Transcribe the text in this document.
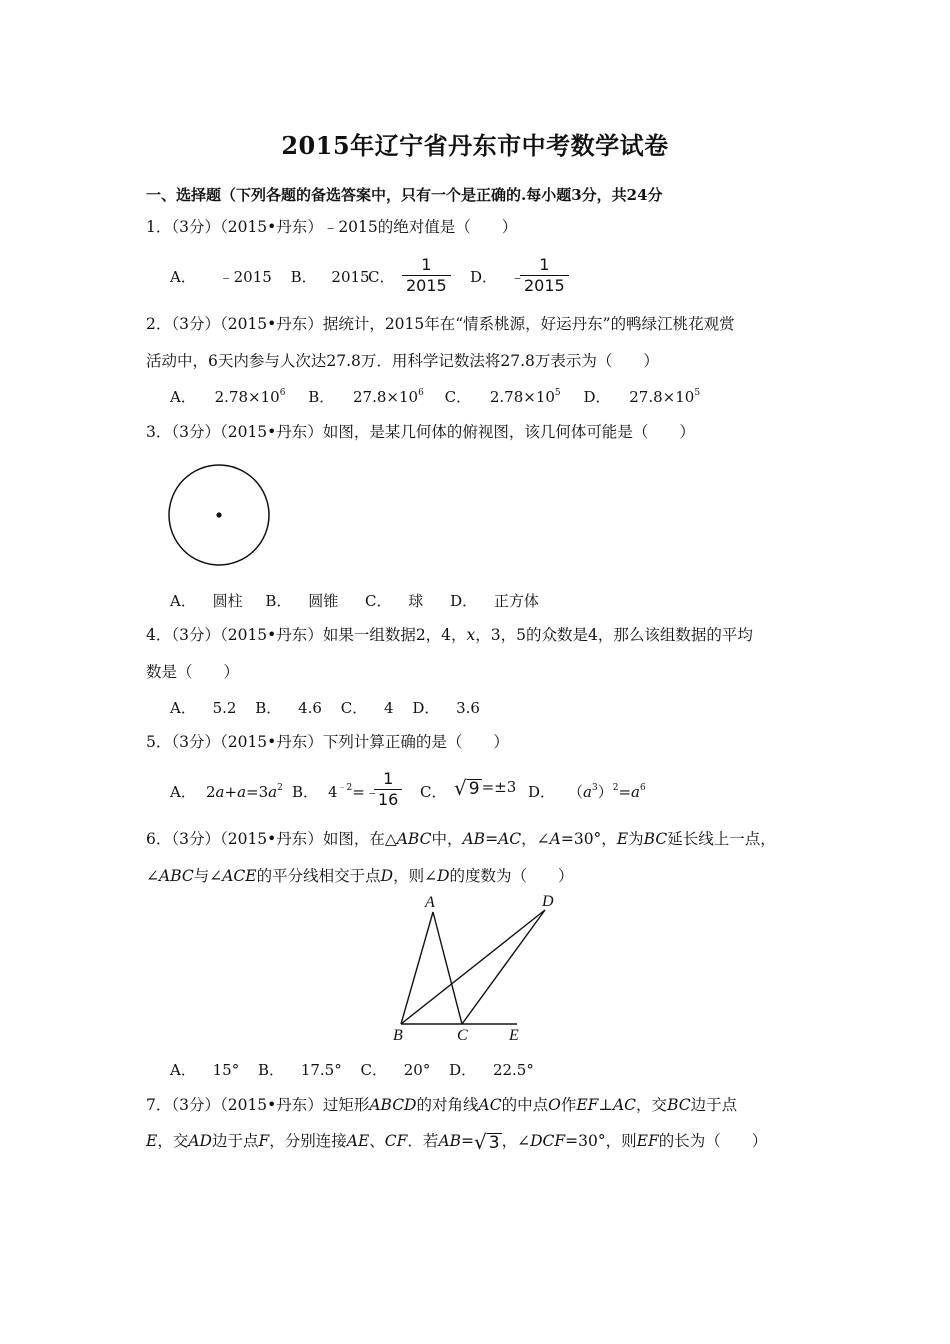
2015年辽宁省丹东市中考数学试卷
一、选择题（下列各题的备选答案中，只有一个是正确的.每小题3分，共24分
1．（3分）（2015•丹东）﹣2015的绝对值是（　　）
A． ﹣2015 B． 2015
C． $\frac{1}{2015}$ D． ﹣
$\frac{1}{2015}$
2．（3分）（2015•丹东）据统计，2015年在“情系桃源，好运丹东”的鸭绿江桃花观赏
活动中，6天内参与人次达27.8万．用科学记数法将27.8万表示为（　　）
A． $2.78\times 10^6$ B． $27.8\times 10^6$ C． $2.78\times 10^5$ D． $27.8\times 10^5$
3．（3分）（2015•丹东）如图，是某几何体的俯视图，该几何体可能是（　　）
A． 圆柱 B． 圆锥 C． 球 D． 正方体
4．（3分）（2015•丹东）如果一组数据2，4，x，3，5的众数是4，那么该组数据的平均
数是（　　）
A． 5.2 B． 4.6 C． 4 D． 3.6
5．（3分）（2015•丹东）下列计算正确的是（　　）
A． $2a+a=3a^2$ B． $4^{﹣2}=﹣$
$\frac{1}{16}$ C． √ 9 =±3 D． $(a^3)^2=a^6$
6．（3分）（2015•丹东）如图，在△ABC中，AB=AC，∠A=30°，E为BC延长线上一点，
∠ABC与∠ACE的平分线相交于点D，则∠D的度数为（　　）
A
B	C
D
E
A． 15° B． 17.5° C． 20° D． 22.5°
7．（3分）（2015•丹东）过矩形ABCD的对角线AC的中点O作EF⊥AC，交BC边于点
E，交AD边于点F，分别连接AE、CF．若AB= √ 3 ，∠DCF=30°，则EF的长为（　　）
